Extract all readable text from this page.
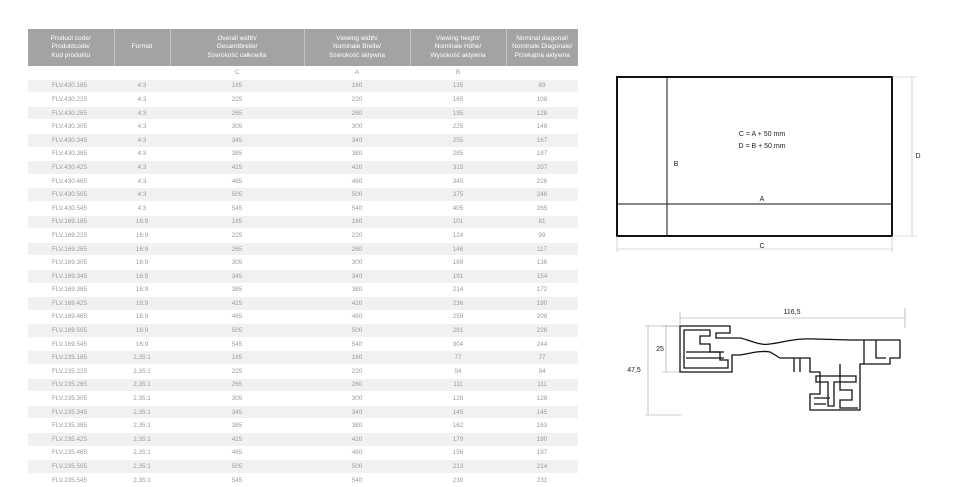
Product code/
Produktcode/
Kod produktu	Format	Overall width/
Gesamtbreite/
Szerokość całkowita	Viewing width/
Nominale Breite/
Szerokość aktywna	Viewing height/
Nominale Höhe/
Wysokość aktywna	Nominal diagonal/
Nominale Diagonale/
Przekątna aktywna
		C	A	B	
FLV.430.185	4:3	185	180	135	89
FLV.430.225	4:3	225	220	165	108
FLV.430.265	4:3	265	260	195	128
FLV.430.305	4:3	305	300	225	148
FLV.430.345	4:3	345	340	255	167
FLV.430.385	4:3	385	380	285	187
FLV.430.425	4:3	425	420	315	207
FLV.430.465	4:3	465	460	345	226
FLV.430.505	4:3	505	500	375	246
FLV.430.545	4:3	545	540	405	265
FLV.169.185	16:9	185	180	101	81
FLV.169.225	16:9	225	220	124	99
FLV.169.265	16:9	265	260	146	117
FLV.169.305	16:9	305	300	169	136
FLV.169.345	16:9	345	340	191	154
FLV.169.385	16:9	385	380	214	172
FLV.169.425	16:9	425	420	236	190
FLV.169.465	16:9	465	460	259	208
FLV.169.505	16:9	505	500	281	226
FLV.169.545	16:9	545	540	304	244
FLV.235.185	2,35:1	185	180	77	77
FLV.235.225	2,35:1	225	220	94	94
FLV.235.265	2,35:1	265	260	111	111
FLV.235.305	2,35:1	305	300	128	128
FLV.235.345	2,35:1	345	340	145	145
FLV.235.385	2,35:1	385	380	162	163
FLV.235.425	2,35:1	425	420	179	180
FLV.235.465	2,35:1	465	460	196	197
FLV.235.505	2,35:1	505	500	213	214
FLV.235.545	2,35:1	545	540	230	231
C = A + 50 mm
D = B + 50 mm
B
A
C
D
116,5
47,5
25
